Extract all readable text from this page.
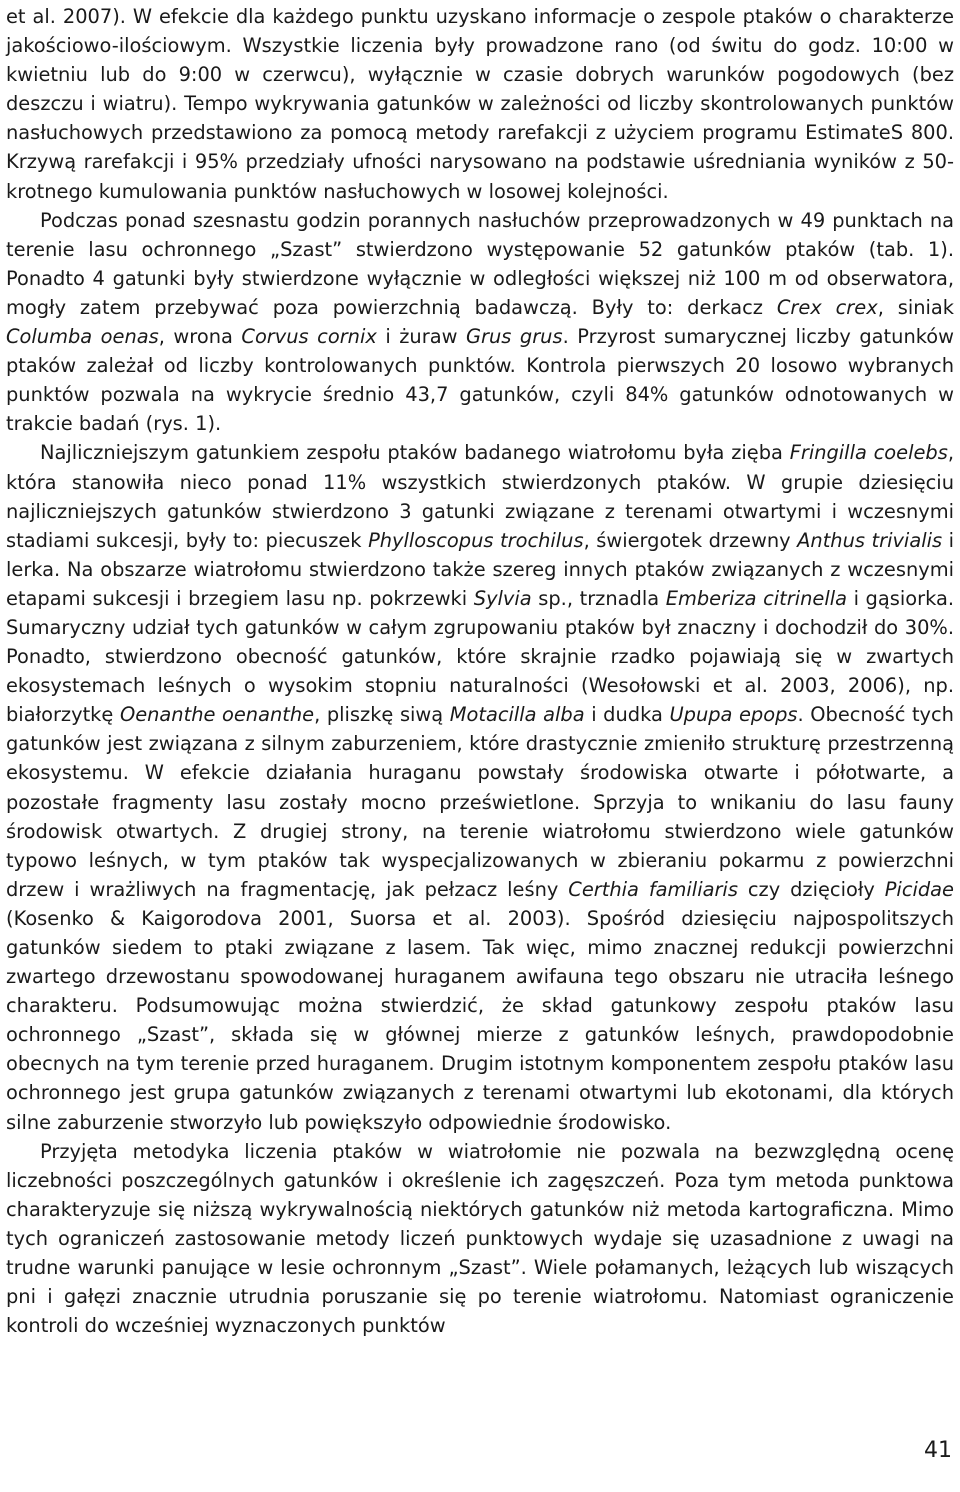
et al. 2007). W efekcie dla każdego punktu uzyskano informacje o zespole ptaków o charakterze jakościowo-ilościowym. Wszystkie liczenia były prowadzone rano (od świtu do godz. 10:00 w kwietniu lub do 9:00 w czerwcu), wyłącznie w czasie dobrych warunków pogodowych (bez deszczu i wiatru). Tempo wykrywania gatunków w zależności od liczby skontrolowanych punktów nasłuchowych przedstawiono za pomocą metody rarefakcji z użyciem programu EstimateS 800. Krzywą rarefakcji i 95% przedziały ufności narysowano na podstawie uśredniania wyników z 50-krotnego kumulowania punktów nasłuchowych w losowej kolejności.

Podczas ponad szesnastu godzin porannych nasłuchów przeprowadzonych w 49 punktach na terenie lasu ochronnego „Szast” stwierdzono występowanie 52 gatunków ptaków (tab. 1). Ponadto 4 gatunki były stwierdzone wyłącznie w odległości większej niż 100 m od obserwatora, mogły zatem przebywać poza powierzchnią badawczą. Były to: derkacz Crex crex, siniak Columba oenas, wrona Corvus cornix i żuraw Grus grus. Przyrost sumarycznej liczby gatunków ptaków zależał od liczby kontrolowanych punktów. Kontrola pierwszych 20 losowo wybranych punktów pozwala na wykrycie średnio 43,7 gatunków, czyli 84% gatunków odnotowanych w trakcie badań (rys. 1).

Najliczniejszym gatunkiem zespołu ptaków badanego wiatrołomu była zięba Fringilla coelebs, która stanowiła nieco ponad 11% wszystkich stwierdzonych ptaków. W grupie dziesięciu najliczniejszych gatunków stwierdzono 3 gatunki związane z terenami otwartymi i wczesnymi stadiami sukcesji, były to: piecuszek Phylloscopus trochilus, świergotek drzewny Anthus trivialis i lerka. Na obszarze wiatrołomu stwierdzono także szereg innych ptaków związanych z wczesnymi etapami sukcesji i brzegiem lasu np. pokrzewki Sylvia sp., trznadla Emberiza citrinella i gąsiorka. Sumaryczny udział tych gatunków w całym zgrupowaniu ptaków był znaczny i dochodził do 30%. Ponadto, stwierdzono obecność gatunków, które skrajnie rzadko pojawiają się w zwartych ekosystemach leśnych o wysokim stopniu naturalności (Wesołowski et al. 2003, 2006), np. białorzytkę Oenanthe oenanthe, pliszkę siwą Motacilla alba i dudka Upupa epops. Obecność tych gatunków jest związana z silnym zaburzeniem, które drastycznie zmieniło strukturę przestrzenną ekosystemu. W efekcie działania huraganu powstały środowiska otwarte i półotwarte, a pozostałe fragmenty lasu zostały mocno prześwietlone. Sprzyja to wnikaniu do lasu fauny środowisk otwartych. Z drugiej strony, na terenie wiatrołomu stwierdzono wiele gatunków typowo leśnych, w tym ptaków tak wyspecjalizowanych w zbieraniu pokarmu z powierzchni drzew i wrażliwych na fragmentację, jak pełzacz leśny Certhia familiaris czy dzięcioły Picidae (Kosenko & Kaigorodova 2001, Suorsa et al. 2003). Spośród dziesięciu najpospolitszych gatunków siedem to ptaki związane z lasem. Tak więc, mimo znacznej redukcji powierzchni zwartego drzewostanu spowodowanej huraganem awifauna tego obszaru nie utraciła leśnego charakteru. Podsumowując można stwierdzić, że skład gatunkowy zespołu ptaków lasu ochronnego „Szast”, składa się w głównej mierze z gatunków leśnych, prawdopodobnie obecnych na tym terenie przed huraganem. Drugim istotnym komponentem zespołu ptaków lasu ochronnego jest grupa gatunków związanych z terenami otwartymi lub ekotonami, dla których silne zaburzenie stworzyło lub powiększyło odpowiednie środowisko.

Przyjęta metodyka liczenia ptaków w wiatrołomie nie pozwala na bezwzględną ocenę liczebności poszczególnych gatunków i określenie ich zagęszczeń. Poza tym metoda punktowa charakteryzuje się niższą wykrywalnością niektórych gatunków niż metoda kartograficzna. Mimo tych ograniczeń zastosowanie metody liczeń punktowych wydaje się uzasadnione z uwagi na trudne warunki panujące w lesie ochronnym „Szast”. Wiele połamanych, leżących lub wiszących pni i gałęzi znacznie utrudnia poruszanie się po terenie wiatrołomu. Natomiast ograniczenie kontroli do wcześniej wyznaczonych punktów

41
